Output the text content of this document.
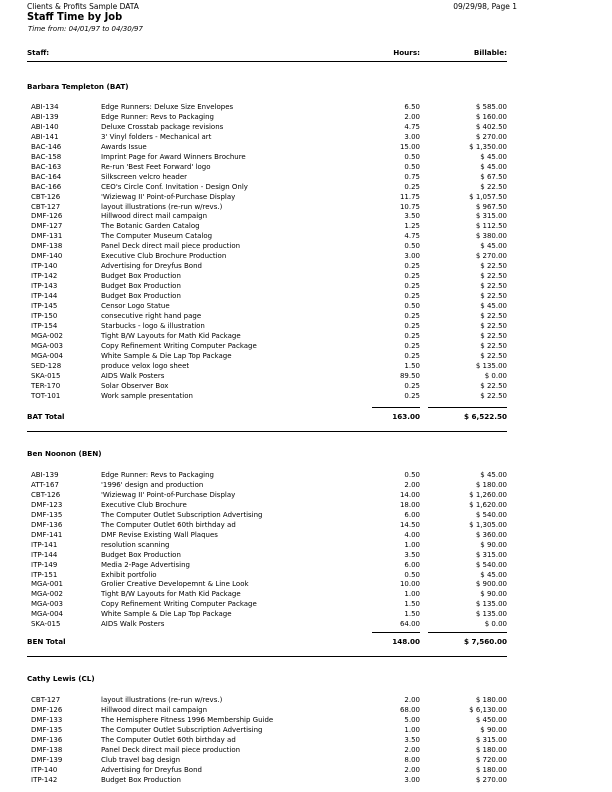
Clients & Profits Sample DATA	09/29/98, Page 1
Staff Time by Job
Time from: 04/01/97 to 04/30/97
Staff:	Hours:	Billable:
Barbara Templeton (BAT)
ABI-134	Edge Runners: Deluxe Size Envelopes	6.50	$ 585.00
ABI-139	Edge Runner: Revs to Packaging	2.00	$ 160.00
ABI-140	Deluxe Crosstab package revisions	4.75	$ 402.50
ABI-141	3' Vinyl folders - Mechanical art	3.00	$ 270.00
BAC-146	Awards Issue	15.00	$ 1,350.00
BAC-158	Imprint Page for Award Winners Brochure	0.50	$ 45.00
BAC-163	Re-run 'Best Feet Forward' logo	0.50	$ 45.00
BAC-164	Silkscreen velcro header	0.75	$ 67.50
BAC-166	CEO's Circle Conf. Invitation - Design Only	0.25	$ 22.50
CBT-126	'Wiziewag II' Point-of-Purchase Display	11.75	$ 1,057.50
CBT-127	layout illustrations (re-run w/revs.)	10.75	$ 967.50
DMF-126	Hillwood direct mail campaign	3.50	$ 315.00
DMF-127	The Botanic Garden Catalog	1.25	$ 112.50
DMF-131	The Computer Museum Catalog	4.75	$ 380.00
DMF-138	Panel Deck direct mail piece production	0.50	$ 45.00
DMF-140	Executive Club Brochure Production	3.00	$ 270.00
ITP-140	Advertising for Dreyfus Bond	0.25	$ 22.50
ITP-142	Budget Box Production	0.25	$ 22.50
ITP-143	Budget Box Production	0.25	$ 22.50
ITP-144	Budget Box Production	0.25	$ 22.50
ITP-145	Censor Logo Statue	0.50	$ 45.00
ITP-150	consecutive right hand page	0.25	$ 22.50
ITP-154	Starbucks - logo & illustration	0.25	$ 22.50
MGA-002	Tight B/W Layouts for Math Kid Package	0.25	$ 22.50
MGA-003	Copy Refinement Writing Computer Package	0.25	$ 22.50
MGA-004	White Sample & Die Lap Top Package	0.25	$ 22.50
SED-128	produce velox logo sheet	1.50	$ 135.00
SKA-015	AIDS Walk Posters	89.50	$ 0.00
TER-170	Solar Observer Box	0.25	$ 22.50
TOT-101	Work sample presentation	0.25	$ 22.50
BAT Total	163.00	$ 6,522.50
Ben Noonon (BEN)
ABI-139	Edge Runner: Revs to Packaging	0.50	$ 45.00
ATT-167	'1996' design and production	2.00	$ 180.00
CBT-126	'Wiziewag II' Point-of-Purchase Display	14.00	$ 1,260.00
DMF-123	Executive Club Brochure	18.00	$ 1,620.00
DMF-135	The Computer Outlet Subscription Advertising	6.00	$ 540.00
DMF-136	The Computer Outlet 60th birthday ad	14.50	$ 1,305.00
DMF-141	DMF Revise Existing Wall Plaques	4.00	$ 360.00
ITP-141	resolution scanning	1.00	$ 90.00
ITP-144	Budget Box Production	3.50	$ 315.00
ITP-149	Media 2-Page Advertising	6.00	$ 540.00
ITP-151	Exhibit portfolio	0.50	$ 45.00
MGA-001	Grolier Creative Developemnt & Line Look	10.00	$ 900.00
MGA-002	Tight B/W Layouts for Math Kid Package	1.00	$ 90.00
MGA-003	Copy Refinement Writing Computer Package	1.50	$ 135.00
MGA-004	White Sample & Die Lap Top Package	1.50	$ 135.00
SKA-015	AIDS Walk Posters	64.00	$ 0.00
BEN Total	148.00	$ 7,560.00
Cathy Lewis (CL)
CBT-127	layout illustrations (re-run w/revs.)	2.00	$ 180.00
DMF-126	Hillwood direct mail campaign	68.00	$ 6,130.00
DMF-133	The Hemisphere Fitness 1996 Membership Guide	5.00	$ 450.00
DMF-135	The Computer Outlet Subscription Advertising	1.00	$ 90.00
DMF-136	The Computer Outlet 60th birthday ad	3.50	$ 315.00
DMF-138	Panel Deck direct mail piece production	2.00	$ 180.00
DMF-139	Club travel bag design	8.00	$ 720.00
ITP-140	Advertising for Dreyfus Bond	2.00	$ 180.00
ITP-142	Budget Box Production	3.00	$ 270.00
